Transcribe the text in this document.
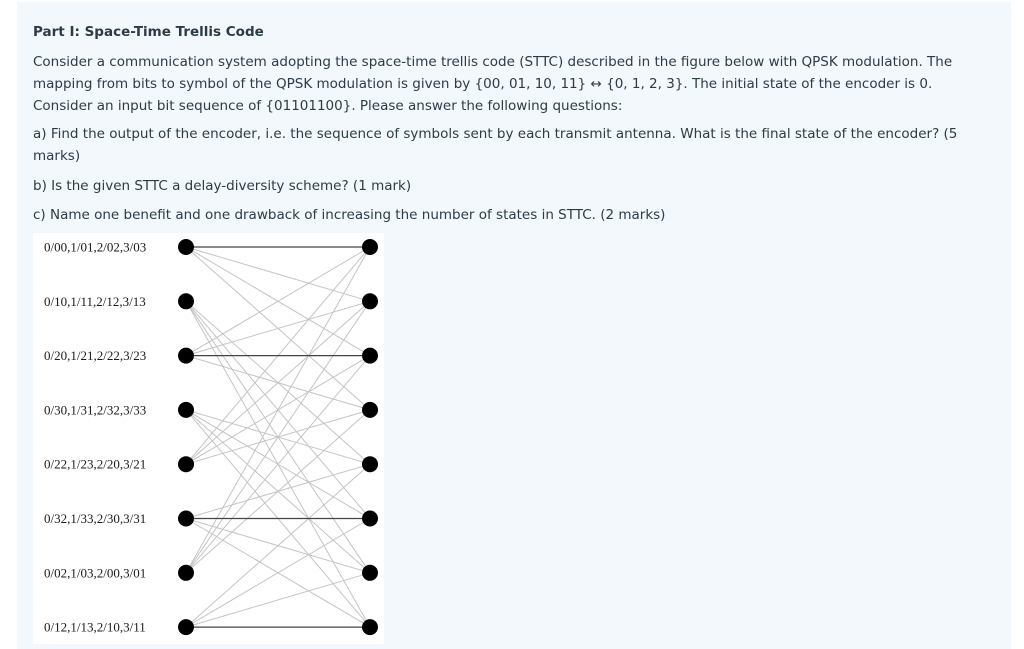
Part I: Space-Time Trellis Code
Consider a communication system adopting the space-time trellis code (STTC) described in the figure below with QPSK modulation. The
mapping from bits to symbol of the QPSK modulation is given by {00, 01, 10, 11} ↔ {0, 1, 2, 3}. The initial state of the encoder is 0.
Consider an input bit sequence of {01101100}. Please answer the following questions:
a) Find the output of the encoder, i.e. the sequence of symbols sent by each transmit antenna. What is the final state of the encoder? (5
marks)
b) Is the given STTC a delay-diversity scheme? (1 mark)
c) Name one benefit and one drawback of increasing the number of states in STTC. (2 marks)
0/00,1/01,2/02,3/03
0/10,1/11,2/12,3/13
0/20,1/21,2/22,3/23
0/30,1/31,2/32,3/33
0/22,1/23,2/20,3/21
0/32,1/33,2/30,3/31
0/02,1/03,2/00,3/01
0/12,1/13,2/10,3/11
